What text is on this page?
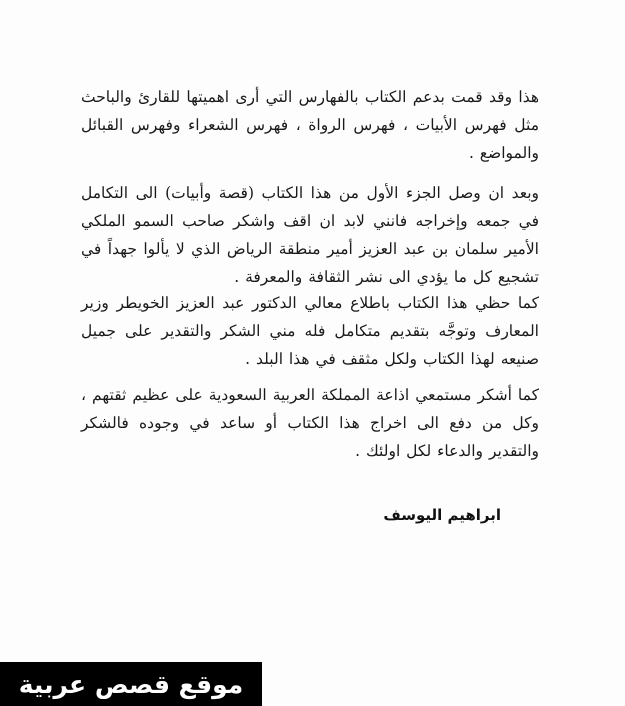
هذا وقد قمت بدعم الكتاب بالفهارس التي أرى اهميتها للقارئ والباحث مثل فهرس الأبيات ، فهرس الرواة ، فهرس الشعراء وفهرس القبائل والمواضع .

وبعد ان وصل الجزء الأول من هذا الكتاب (قصة وأبيات) الى التكامل في جمعه وإخراجه فانني لابد ان اقف واشكر صاحب السمو الملكي الأمير سلمان بن عبد العزيز أمير منطقة الرياض الذي لا يألوا جهداً في تشجيع كل ما يؤدي الى نشر الثقافة والمعرفة .

كما حظي هذا الكتاب باطلاع معالي الدكتور عبد العزيز الخويطر وزير المعارف وتوجَّه بتقديم متكامل فله مني الشكر والتقدير على جميل صنيعه لهذا الكتاب ولكل مثقف في هذا البلد .

كما أشكر مستمعي اذاعة المملكة العربية السعودية على عظيم ثقتهم ، وكل من دفع الى اخراج هذا الكتاب أو ساعد في وجوده فالشكر والتقدير والدعاء لكل اولئك .

ابراهيم اليوسف
موقع قصص عربية
